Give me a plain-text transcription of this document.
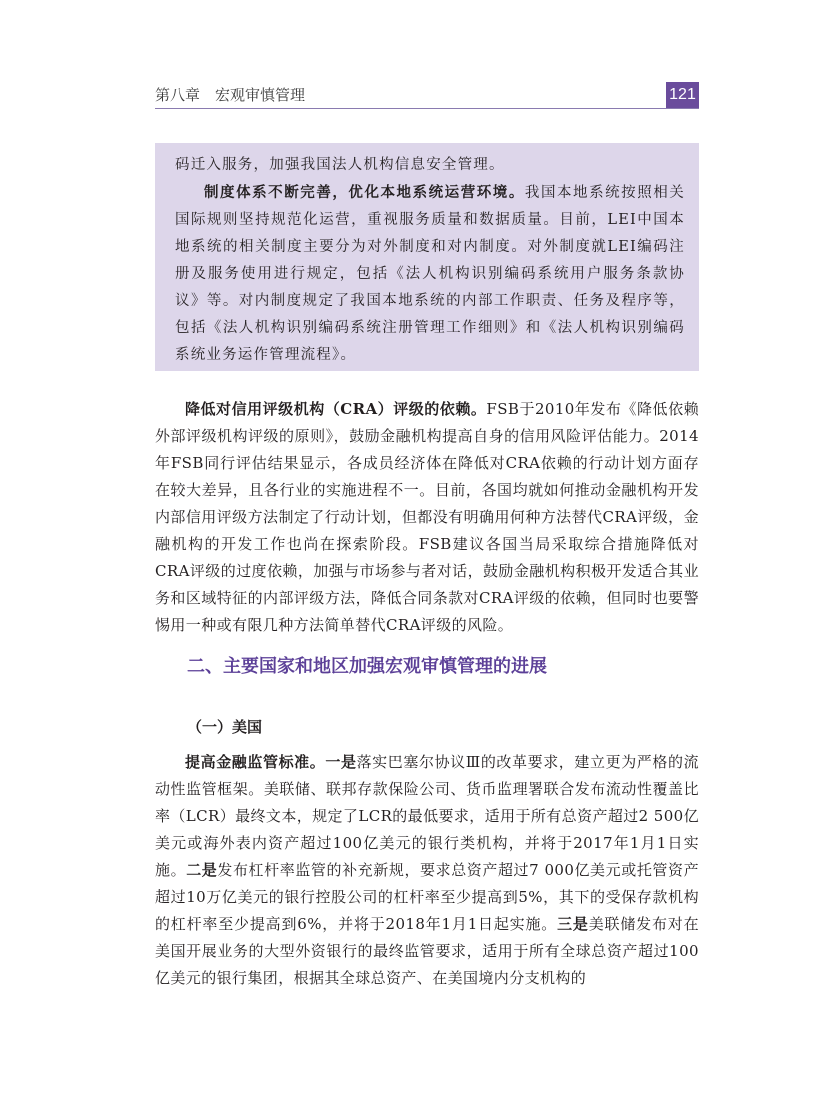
第八章　宏观审慎管理	121

码迁入服务，加强我国法人机构信息安全管理。

制度体系不断完善，优化本地系统运营环境。我国本地系统按照相关国际规则坚持规范化运营，重视服务质量和数据质量。目前，LEI中国本地系统的相关制度主要分为对外制度和对内制度。对外制度就LEI编码注册及服务使用进行规定，包括《法人机构识别编码系统用户服务条款协议》等。对内制度规定了我国本地系统的内部工作职责、任务及程序等，包括《法人机构识别编码系统注册管理工作细则》和《法人机构识别编码系统业务运作管理流程》。

降低对信用评级机构（CRA）评级的依赖。FSB于2010年发布《降低依赖外部评级机构评级的原则》，鼓励金融机构提高自身的信用风险评估能力。2014年FSB同行评估结果显示，各成员经济体在降低对CRA依赖的行动计划方面存在较大差异，且各行业的实施进程不一。目前，各国均就如何推动金融机构开发内部信用评级方法制定了行动计划，但都没有明确用何种方法替代CRA评级，金融机构的开发工作也尚在探索阶段。FSB建议各国当局采取综合措施降低对CRA评级的过度依赖，加强与市场参与者对话，鼓励金融机构积极开发适合其业务和区域特征的内部评级方法，降低合同条款对CRA评级的依赖，但同时也要警惕用一种或有限几种方法简单替代CRA评级的风险。

二、主要国家和地区加强宏观审慎管理的进展
（一）美国

提高金融监管标准。一是落实巴塞尔协议Ⅲ的改革要求，建立更为严格的流动性监管框架。美联储、联邦存款保险公司、货币监理署联合发布流动性覆盖比率（LCR）最终文本，规定了LCR的最低要求，适用于所有总资产超过2 500亿美元或海外表内资产超过100亿美元的银行类机构，并将于2017年1月1日实施。二是发布杠杆率监管的补充新规，要求总资产超过7 000亿美元或托管资产超过10万亿美元的银行控股公司的杠杆率至少提高到5%，其下的受保存款机构的杠杆率至少提高到6%，并将于2018年1月1日起实施。三是美联储发布对在美国开展业务的大型外资银行的最终监管要求，适用于所有全球总资产超过100亿美元的银行集团，根据其全球总资产、在美国境内分支机构的
